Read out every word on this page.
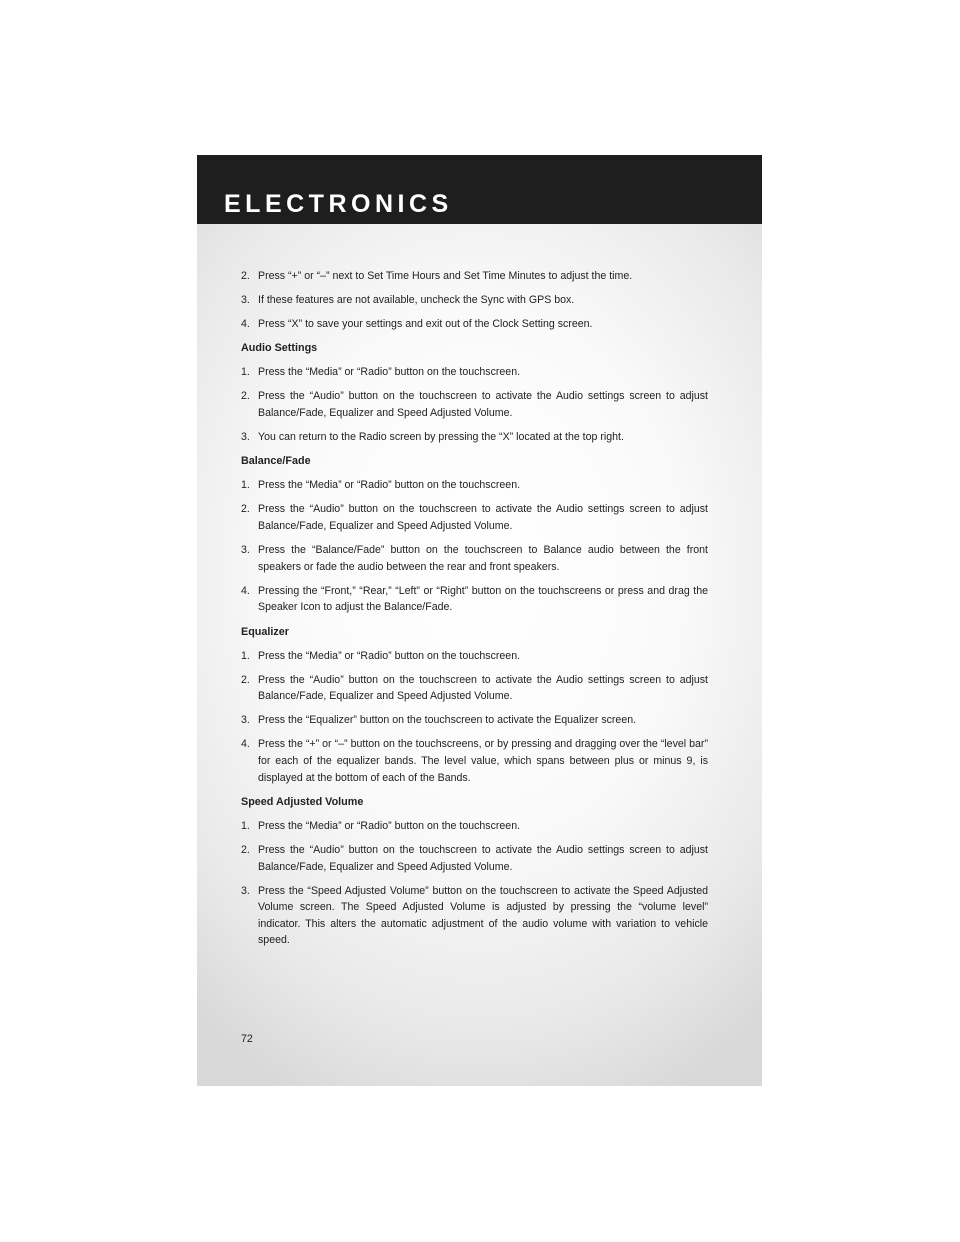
ELECTRONICS
2. Press “+” or “–” next to Set Time Hours and Set Time Minutes to adjust the time.
3. If these features are not available, uncheck the Sync with GPS box.
4. Press “X” to save your settings and exit out of the Clock Setting screen.
Audio Settings
1. Press the “Media” or “Radio” button on the touchscreen.
2. Press the “Audio” button on the touchscreen to activate the Audio settings screen to adjust Balance/Fade, Equalizer and Speed Adjusted Volume.
3. You can return to the Radio screen by pressing the “X” located at the top right.
Balance/Fade
1. Press the “Media” or “Radio” button on the touchscreen.
2. Press the “Audio” button on the touchscreen to activate the Audio settings screen to adjust Balance/Fade, Equalizer and Speed Adjusted Volume.
3. Press the “Balance/Fade” button on the touchscreen to Balance audio between the front speakers or fade the audio between the rear and front speakers.
4. Pressing the “Front,” “Rear,” “Left” or “Right” button on the touchscreens or press and drag the Speaker Icon to adjust the Balance/Fade.
Equalizer
1. Press the “Media” or “Radio” button on the touchscreen.
2. Press the “Audio” button on the touchscreen to activate the Audio settings screen to adjust Balance/Fade, Equalizer and Speed Adjusted Volume.
3. Press the “Equalizer” button on the touchscreen to activate the Equalizer screen.
4. Press the “+” or “–” button on the touchscreens, or by pressing and dragging over the “level bar” for each of the equalizer bands. The level value, which spans between plus or minus 9, is displayed at the bottom of each of the Bands.
Speed Adjusted Volume
1. Press the “Media” or “Radio” button on the touchscreen.
2. Press the “Audio” button on the touchscreen to activate the Audio settings screen to adjust Balance/Fade, Equalizer and Speed Adjusted Volume.
3. Press the “Speed Adjusted Volume” button on the touchscreen to activate the Speed Adjusted Volume screen. The Speed Adjusted Volume is adjusted by pressing the “volume level” indicator. This alters the automatic adjustment of the audio volume with variation to vehicle speed.
72
